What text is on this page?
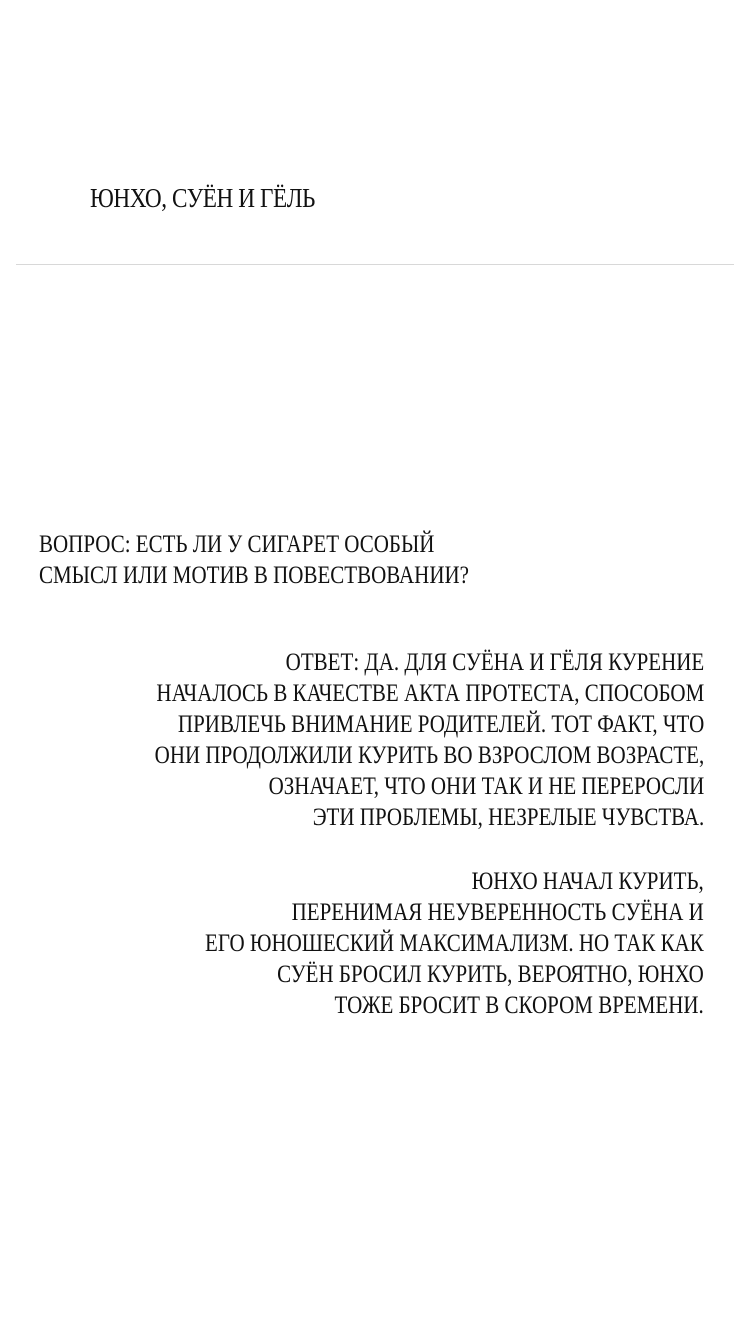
ЮНХО, СУЁН И ГЁЛЬ
ВОПРОС: ЕСТЬ ЛИ У СИГАРЕТ ОСОБЫЙ
СМЫСЛ ИЛИ МОТИВ В ПОВЕСТВОВАНИИ?
ОТВЕТ: ДА. ДЛЯ СУЁНА И ГЁЛЯ КУРЕНИЕ
НАЧАЛОСЬ В КАЧЕСТВЕ АКТА ПРОТЕСТА, СПОСОБОМ
ПРИВЛЕЧЬ ВНИМАНИЕ РОДИТЕЛЕЙ. ТОТ ФАКТ, ЧТО
ОНИ ПРОДОЛЖИЛИ КУРИТЬ ВО ВЗРОСЛОМ ВОЗРАСТЕ,
ОЗНАЧАЕТ, ЧТО ОНИ ТАК И НЕ ПЕРЕРОСЛИ
ЭТИ ПРОБЛЕМЫ, НЕЗРЕЛЫЕ ЧУВСТВА.
ЮНХО НАЧАЛ КУРИТЬ,
ПЕРЕНИМАЯ НЕУВЕРЕННОСТЬ СУЁНА И
ЕГО ЮНОШЕСКИЙ МАКСИМАЛИЗМ. НО ТАК КАК
СУЁН БРОСИЛ КУРИТЬ, ВЕРОЯТНО, ЮНХО
ТОЖЕ БРОСИТ В СКОРОМ ВРЕМЕНИ.
